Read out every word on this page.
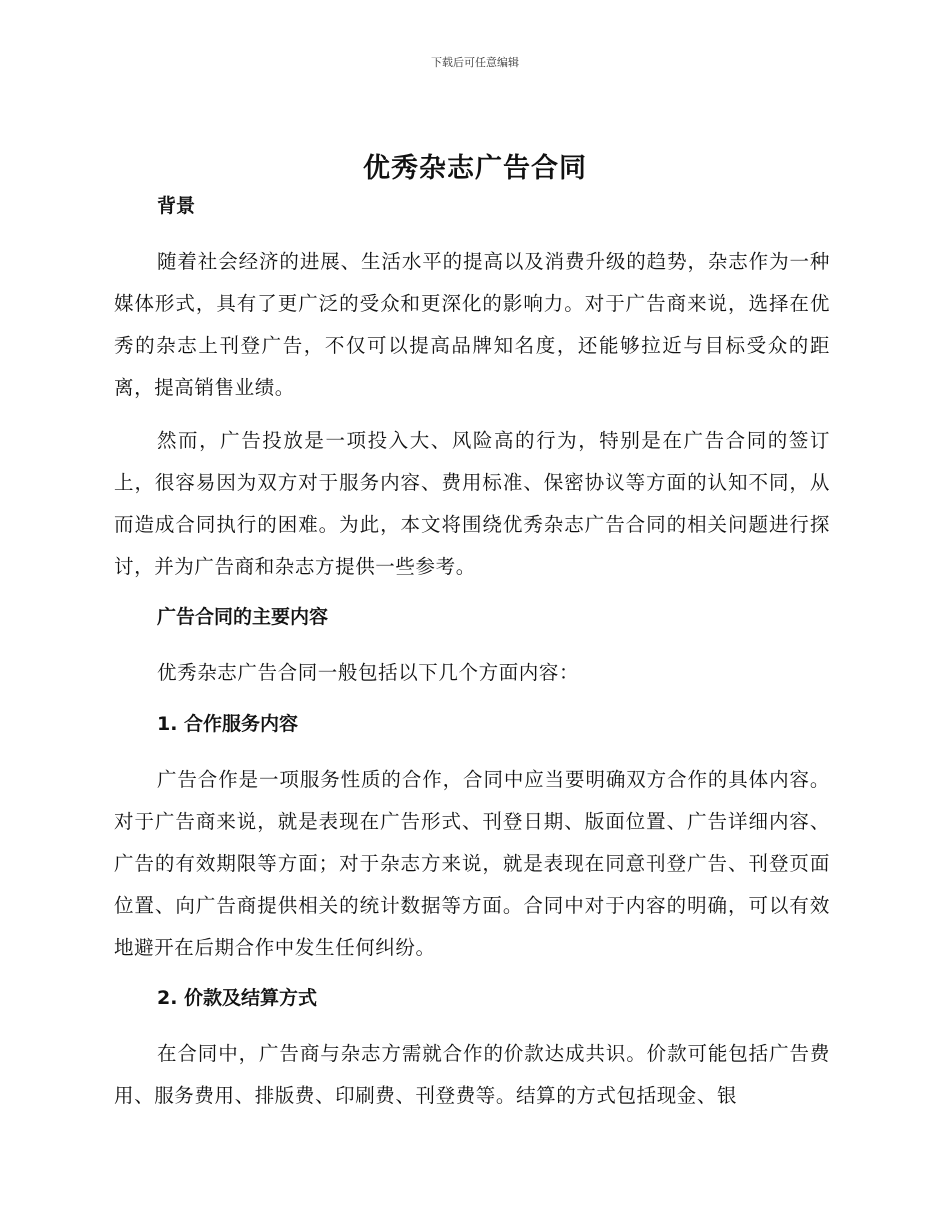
下载后可任意编辑
优秀杂志广告合同
背景

随着社会经济的进展、生活水平的提高以及消费升级的趋势，杂志作为一种媒体形式，具有了更广泛的受众和更深化的影响力。对于广告商来说，选择在优秀的杂志上刊登广告，不仅可以提高品牌知名度，还能够拉近与目标受众的距离，提高销售业绩。

然而，广告投放是一项投入大、风险高的行为，特别是在广告合同的签订上，很容易因为双方对于服务内容、费用标准、保密协议等方面的认知不同，从而造成合同执行的困难。为此，本文将围绕优秀杂志广告合同的相关问题进行探讨，并为广告商和杂志方提供一些参考。

广告合同的主要内容

优秀杂志广告合同一般包括以下几个方面内容：

1. 合作服务内容

广告合作是一项服务性质的合作，合同中应当要明确双方合作的具体内容。对于广告商来说，就是表现在广告形式、刊登日期、版面位置、广告详细内容、广告的有效期限等方面；对于杂志方来说，就是表现在同意刊登广告、刊登页面位置、向广告商提供相关的统计数据等方面。合同中对于内容的明确，可以有效地避开在后期合作中发生任何纠纷。

2. 价款及结算方式

在合同中，广告商与杂志方需就合作的价款达成共识。价款可能包括广告费用、服务费用、排版费、印刷费、刊登费等。结算的方式包括现金、银
